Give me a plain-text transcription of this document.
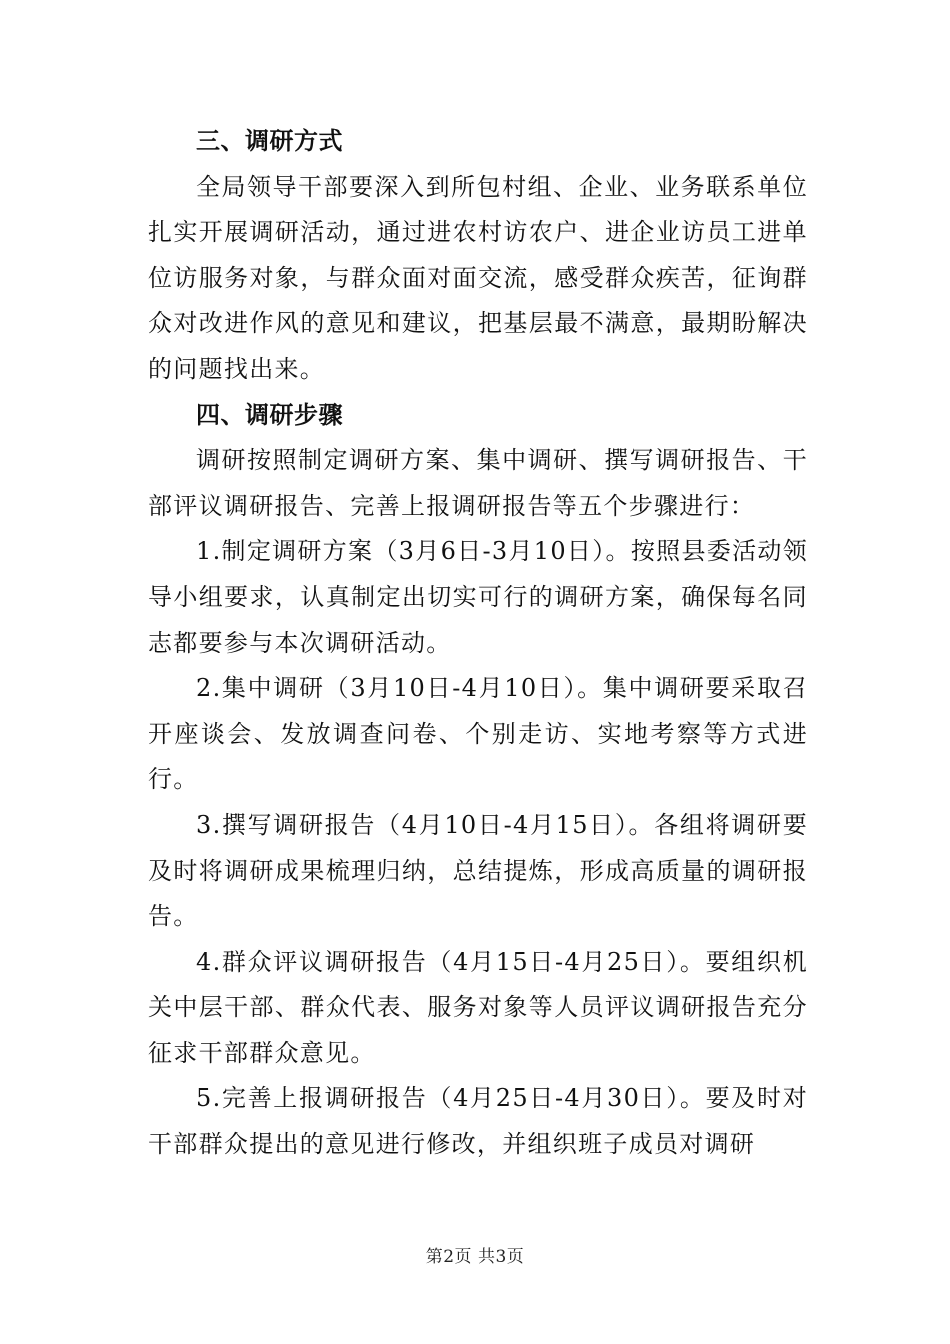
三、调研方式

全局领导干部要深入到所包村组、企业、业务联系单位扎实开展调研活动，通过进农村访农户、进企业访员工进单位访服务对象，与群众面对面交流，感受群众疾苦，征询群众对改进作风的意见和建议，把基层最不满意，最期盼解决的问题找出来。

四、调研步骤

调研按照制定调研方案、集中调研、撰写调研报告、干部评议调研报告、完善上报调研报告等五个步骤进行：

1.制定调研方案（3月6日-3月10日）。按照县委活动领导小组要求，认真制定出切实可行的调研方案，确保每名同志都要参与本次调研活动。

2.集中调研（3月10日-4月10日）。集中调研要采取召开座谈会、发放调查问卷、个别走访、实地考察等方式进行。

3.撰写调研报告（4月10日-4月15日）。各组将调研要及时将调研成果梳理归纳，总结提炼，形成高质量的调研报告。

4.群众评议调研报告（4月15日-4月25日）。要组织机关中层干部、群众代表、服务对象等人员评议调研报告充分征求干部群众意见。

5.完善上报调研报告（4月25日-4月30日）。要及时对干部群众提出的意见进行修改，并组织班子成员对调研

第2页 共3页
